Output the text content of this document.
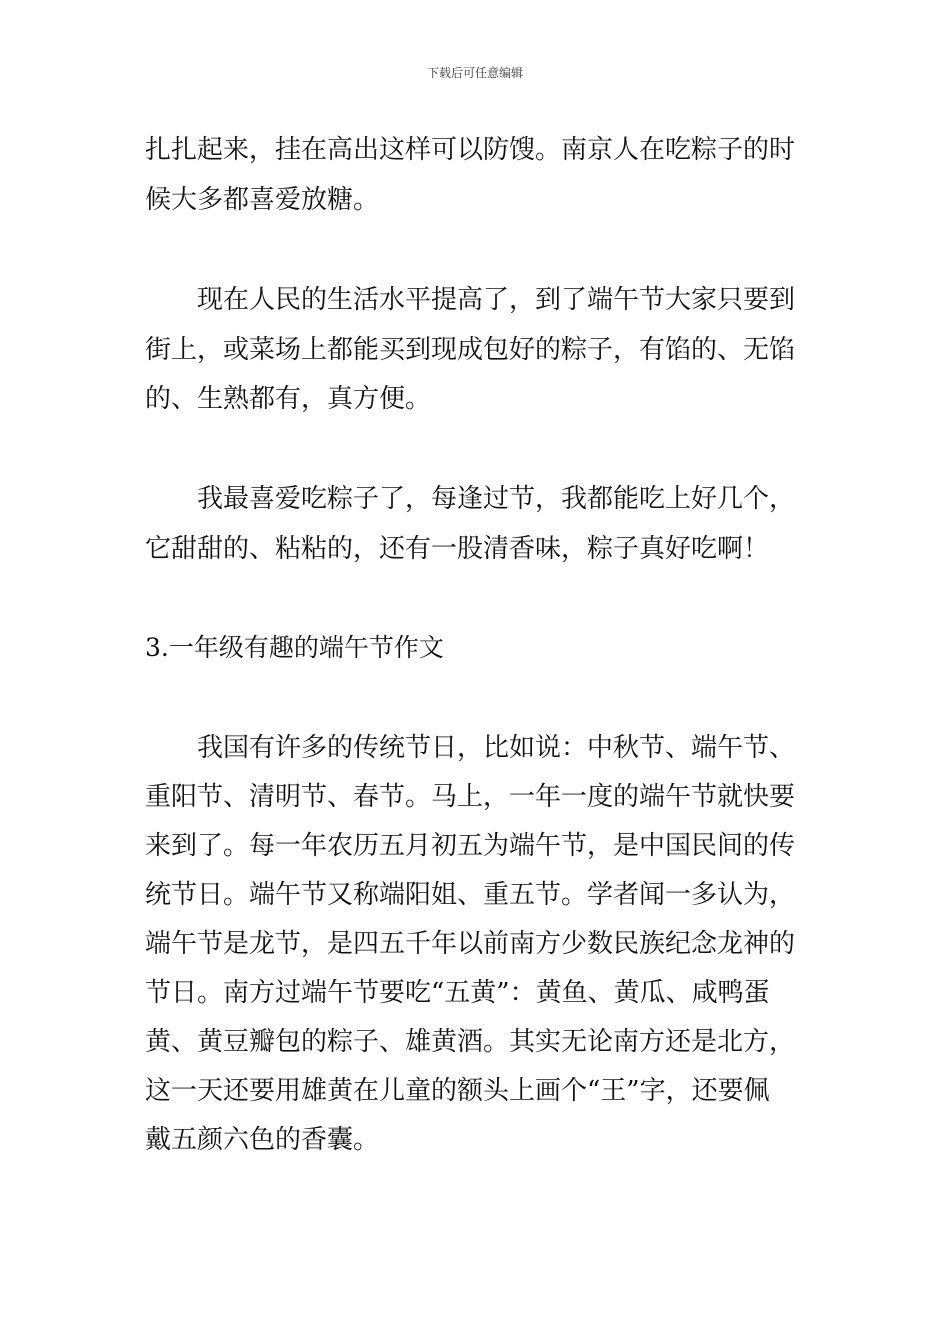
下载后可任意编辑
扎扎起来，挂在高出这样可以防馊。南京人在吃粽子的时
候大多都喜爱放糖。
　　现在人民的生活水平提高了，到了端午节大家只要到
街上，或菜场上都能买到现成包好的粽子，有馅的、无馅
的、生熟都有，真方便。
　　我最喜爱吃粽子了，每逢过节，我都能吃上好几个，
它甜甜的、粘粘的，还有一股清香味，粽子真好吃啊！
3.一年级有趣的端午节作文
　　我国有许多的传统节日，比如说：中秋节、端午节、
重阳节、清明节、春节。马上，一年一度的端午节就快要
来到了。每一年农历五月初五为端午节，是中国民间的传
统节日。端午节又称端阳姐、重五节。学者闻一多认为，
端午节是龙节，是四五千年以前南方少数民族纪念龙神的
节日。南方过端午节要吃“五黄”：黄鱼、黄瓜、咸鸭蛋
黄、黄豆瓣包的粽子、雄黄酒。其实无论南方还是北方，
这一天还要用雄黄在儿童的额头上画个“王”字，还要佩
戴五颜六色的香囊。
